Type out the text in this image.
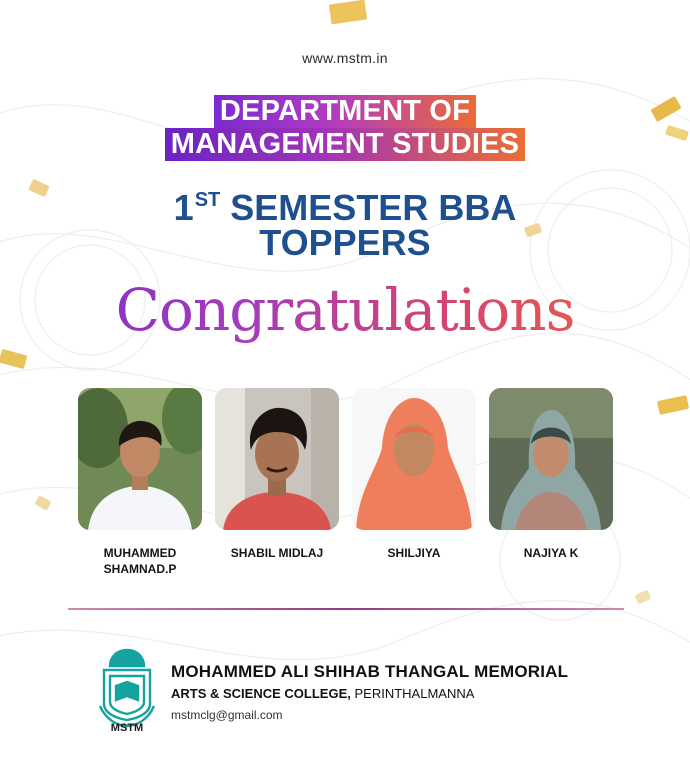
www.mstm.in
DEPARTMENT OF
MANAGEMENT STUDIES
1ST SEMESTER BBA
TOPPERS
Congratulations
MUHAMMED SHAMNAD.P
SHABIL MIDLAJ	SHILJIYA	NAJIYA K
MSTM
MOHAMMED ALI SHIHAB THANGAL MEMORIAL
ARTS & SCIENCE COLLEGE, PERINTHALMANNA
mstmclg@gmail.com
